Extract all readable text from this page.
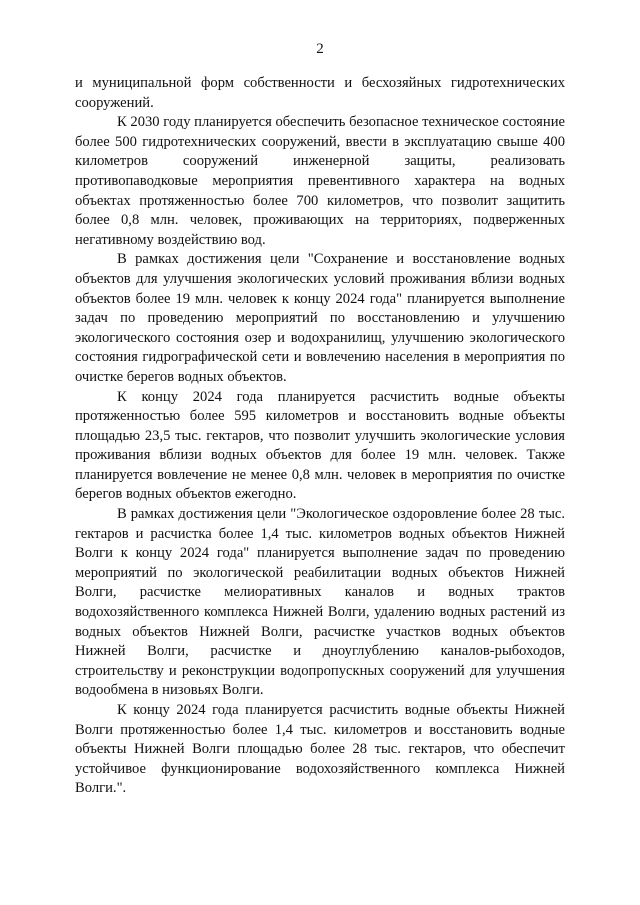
2

и муниципальной форм собственности и бесхозяйных гидротехнических сооружений.

К 2030 году планируется обеспечить безопасное техническое состояние более 500 гидротехнических сооружений, ввести в эксплуатацию свыше 400 километров сооружений инженерной защиты, реализовать противопаводковые мероприятия превентивного характера на водных объектах протяженностью более 700 километров, что позволит защитить более 0,8 млн. человек, проживающих на территориях, подверженных негативному воздействию вод.

В рамках достижения цели "Сохранение и восстановление водных объектов для улучшения экологических условий проживания вблизи водных объектов более 19 млн. человек к концу 2024 года" планируется выполнение задач по проведению мероприятий по восстановлению и улучшению экологического состояния озер и водохранилищ, улучшению экологического состояния гидрографической сети и вовлечению населения в мероприятия по очистке берегов водных объектов.

К концу 2024 года планируется расчистить водные объекты протяженностью более 595 километров и восстановить водные объекты площадью 23,5 тыс. гектаров, что позволит улучшить экологические условия проживания вблизи водных объектов для более 19 млн. человек. Также планируется вовлечение не менее 0,8 млн. человек в мероприятия по очистке берегов водных объектов ежегодно.

В рамках достижения цели "Экологическое оздоровление более 28 тыс. гектаров и расчистка более 1,4 тыс. километров водных объектов Нижней Волги к концу 2024 года" планируется выполнение задач по проведению мероприятий по экологической реабилитации водных объектов Нижней Волги, расчистке мелиоративных каналов и водных трактов водохозяйственного комплекса Нижней Волги, удалению водных растений из водных объектов Нижней Волги, расчистке участков водных объектов Нижней Волги, расчистке и дноуглублению каналов-рыбоходов, строительству и реконструкции водопропускных сооружений для улучшения водообмена в низовьях Волги.

К концу 2024 года планируется расчистить водные объекты Нижней Волги протяженностью более 1,4 тыс. километров и восстановить водные объекты Нижней Волги площадью более 28 тыс. гектаров, что обеспечит устойчивое функционирование водохозяйственного комплекса Нижней Волги.".
